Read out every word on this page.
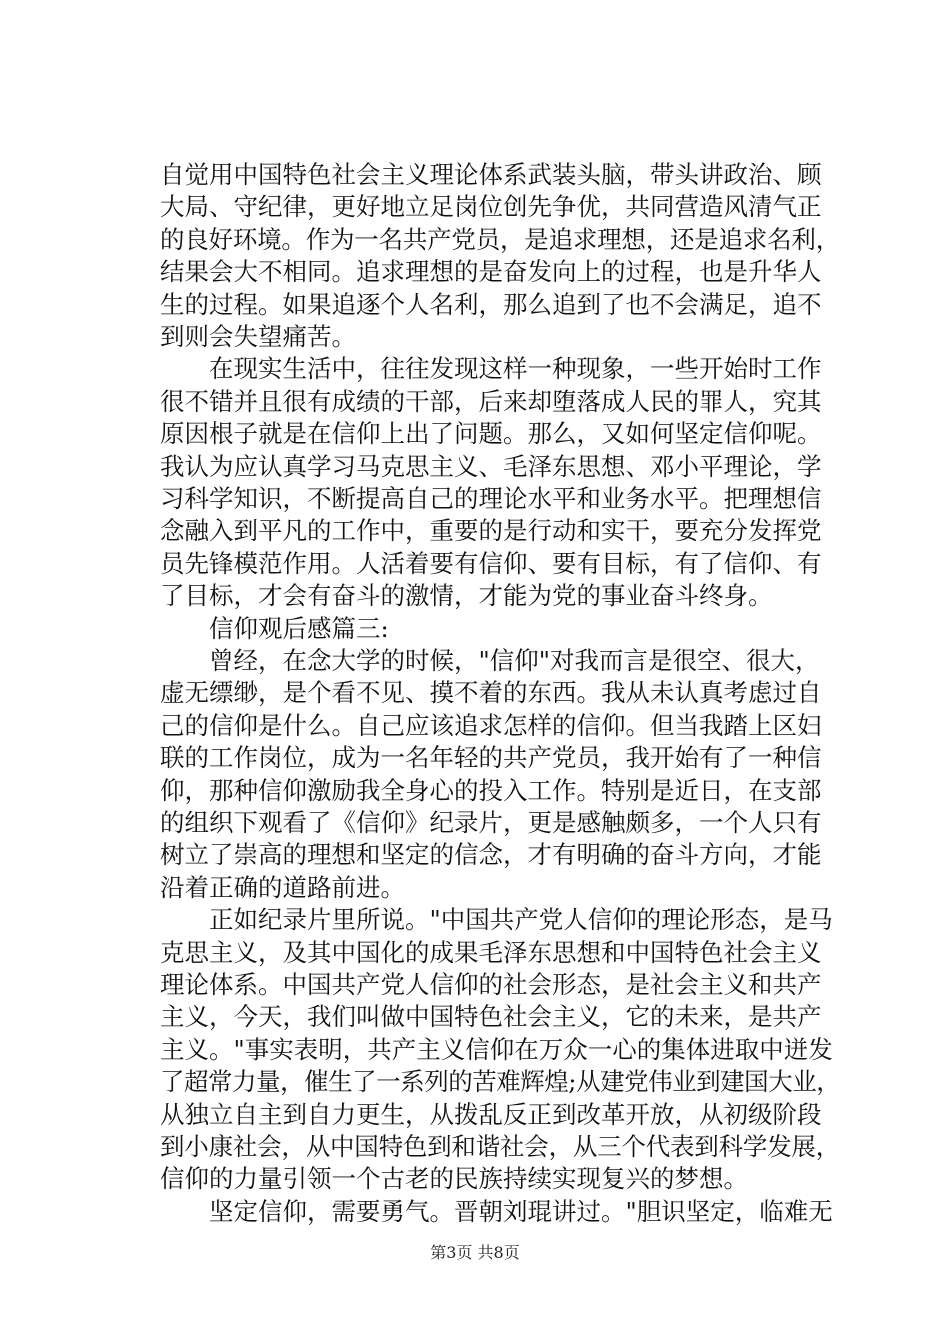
自觉用中国特色社会主义理论体系武装头脑，带头讲政治、顾
大局、守纪律，更好地立足岗位创先争优，共同营造风清气正
的良好环境。作为一名共产党员，是追求理想，还是追求名利，
结果会大不相同。追求理想的是奋发向上的过程，也是升华人
生的过程。如果追逐个人名利，那么追到了也不会满足，追不
到则会失望痛苦。
　　在现实生活中，往往发现这样一种现象，一些开始时工作
很不错并且很有成绩的干部，后来却堕落成人民的罪人，究其
原因根子就是在信仰上出了问题。那么，又如何坚定信仰呢。
我认为应认真学习马克思主义、毛泽东思想、邓小平理论，学
习科学知识，不断提高自己的理论水平和业务水平。把理想信
念融入到平凡的工作中，重要的是行动和实干，要充分发挥党
员先锋模范作用。人活着要有信仰、要有目标，有了信仰、有
了目标，才会有奋斗的激情，才能为党的事业奋斗终身。
　　信仰观后感篇三:
　　曾经，在念大学的时候，"信仰"对我而言是很空、很大，
虚无缥缈，是个看不见、摸不着的东西。我从未认真考虑过自
己的信仰是什么。自己应该追求怎样的信仰。但当我踏上区妇
联的工作岗位，成为一名年轻的共产党员，我开始有了一种信
仰，那种信仰激励我全身心的投入工作。特别是近日，在支部
的组织下观看了《信仰》纪录片，更是感触颇多，一个人只有
树立了崇高的理想和坚定的信念，才有明确的奋斗方向，才能
沿着正确的道路前进。
　　正如纪录片里所说。"中国共产党人信仰的理论形态，是马
克思主义，及其中国化的成果毛泽东思想和中国特色社会主义
理论体系。中国共产党人信仰的社会形态，是社会主义和共产
主义，今天，我们叫做中国特色社会主义，它的未来，是共产
主义。"事实表明，共产主义信仰在万众一心的集体进取中迸发
了超常力量，催生了一系列的苦难辉煌;从建党伟业到建国大业，
从独立自主到自力更生，从拨乱反正到改革开放，从初级阶段
到小康社会，从中国特色到和谐社会，从三个代表到科学发展，
信仰的力量引领一个古老的民族持续实现复兴的梦想。
　　坚定信仰，需要勇气。晋朝刘琨讲过。"胆识坚定，临难无
第3页 共8页
